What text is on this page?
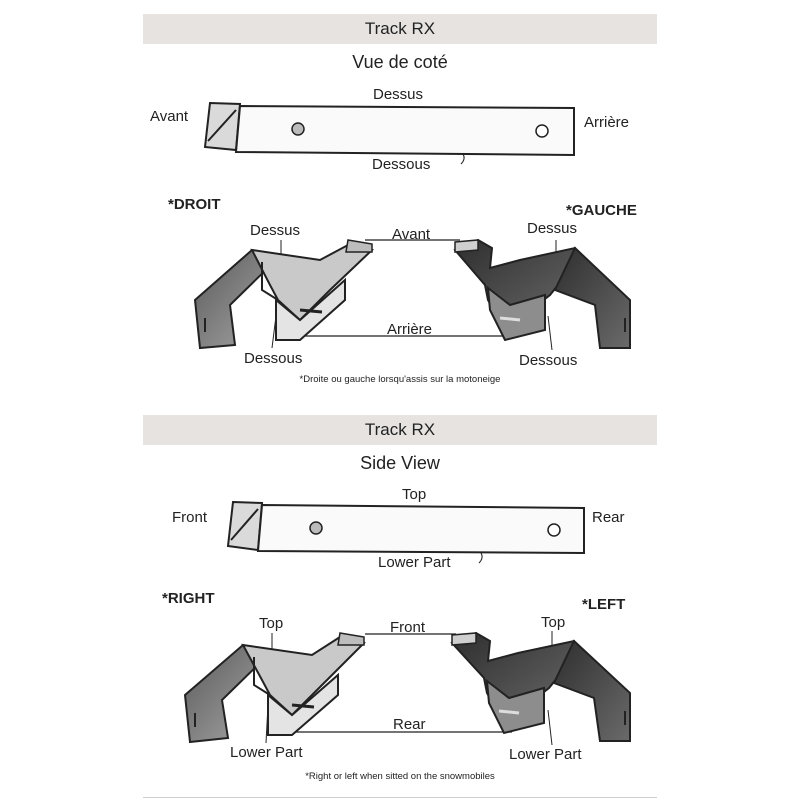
Track RX
Vue de coté
Avant	Arrière
Dessus
Dessous
*DROIT	*GAUCHE
Dessus	Dessus
Avant
Arrière
Dessous	Dessous
*Droite ou gauche lorsqu'assis sur la motoneige
Track RX
Side View
Front	Rear
Top
Lower Part
*RIGHT	*LEFT
Top	Top
Front
Rear
Lower Part	Lower Part
*Right or left when sitted on the snowmobiles
